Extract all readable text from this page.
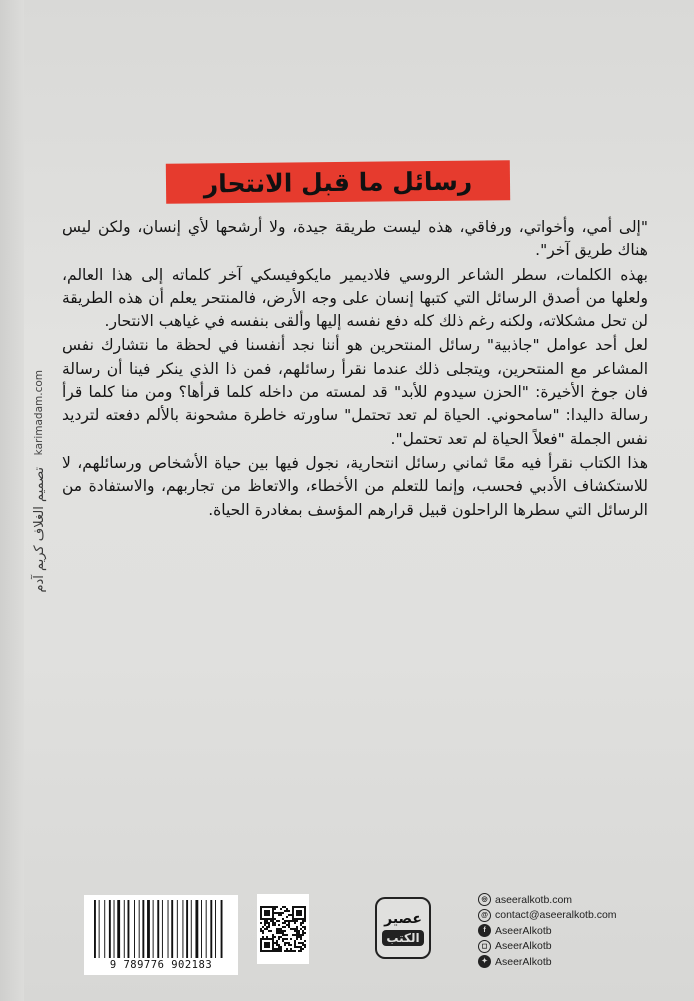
رسائل ما قبل الانتحار

"إلى أمي، وأخواتي، ورفاقي، هذه ليست طريقة جيدة، ولا أرشحها لأي إنسان، ولكن ليس هناك طريق آخر".

بهذه الكلمات، سطر الشاعر الروسي فلاديمير مايكوفيسكي آخر كلماته إلى هذا العالم، ولعلها من أصدق الرسائل التي كتبها إنسان على وجه الأرض، فالمنتحر يعلم أن هذه الطريقة لن تحل مشكلاته، ولكنه رغم ذلك كله دفع نفسه إليها وألقى بنفسه في غياهب الانتحار.

لعل أحد عوامل "جاذبية" رسائل المنتحرين هو أننا نجد أنفسنا في لحظة ما نتشارك نفس المشاعر مع المنتحرين، ويتجلى ذلك عندما نقرأ رسائلهم، فمن ذا الذي ينكر فينا أن رسالة فان جوخ الأخيرة: "الحزن سيدوم للأبد" قد لمسته من داخله كلما قرأها؟ ومن منا كلما قرأ رسالة داليدا: "سامحوني. الحياة لم تعد تحتمل" ساورته خاطرة مشحونة بالألم دفعته لترديد نفس الجملة "فعلاً الحياة لم تعد تحتمل".

هذا الكتاب نقرأ فيه معًا ثماني رسائل انتحارية، نجول فيها بين حياة الأشخاص ورسائلهم، لا للاستكشاف الأدبي فحسب، وإنما للتعلم من الأخطاء، والاتعاظ من تجاربهم، والاستفادة من الرسائل التي سطرها الراحلون قبيل قرارهم المؤسف بمغادرة الحياة.

karimadam.com
تصميم الغلاف كريم آدم
9 789776 902183
عصير
الكتب
◎ aseeralkotb.com
@ contact@aseeralkotb.com
f AseerAlkotb
◻ AseerAlkotb
✦ AseerAlkotb
